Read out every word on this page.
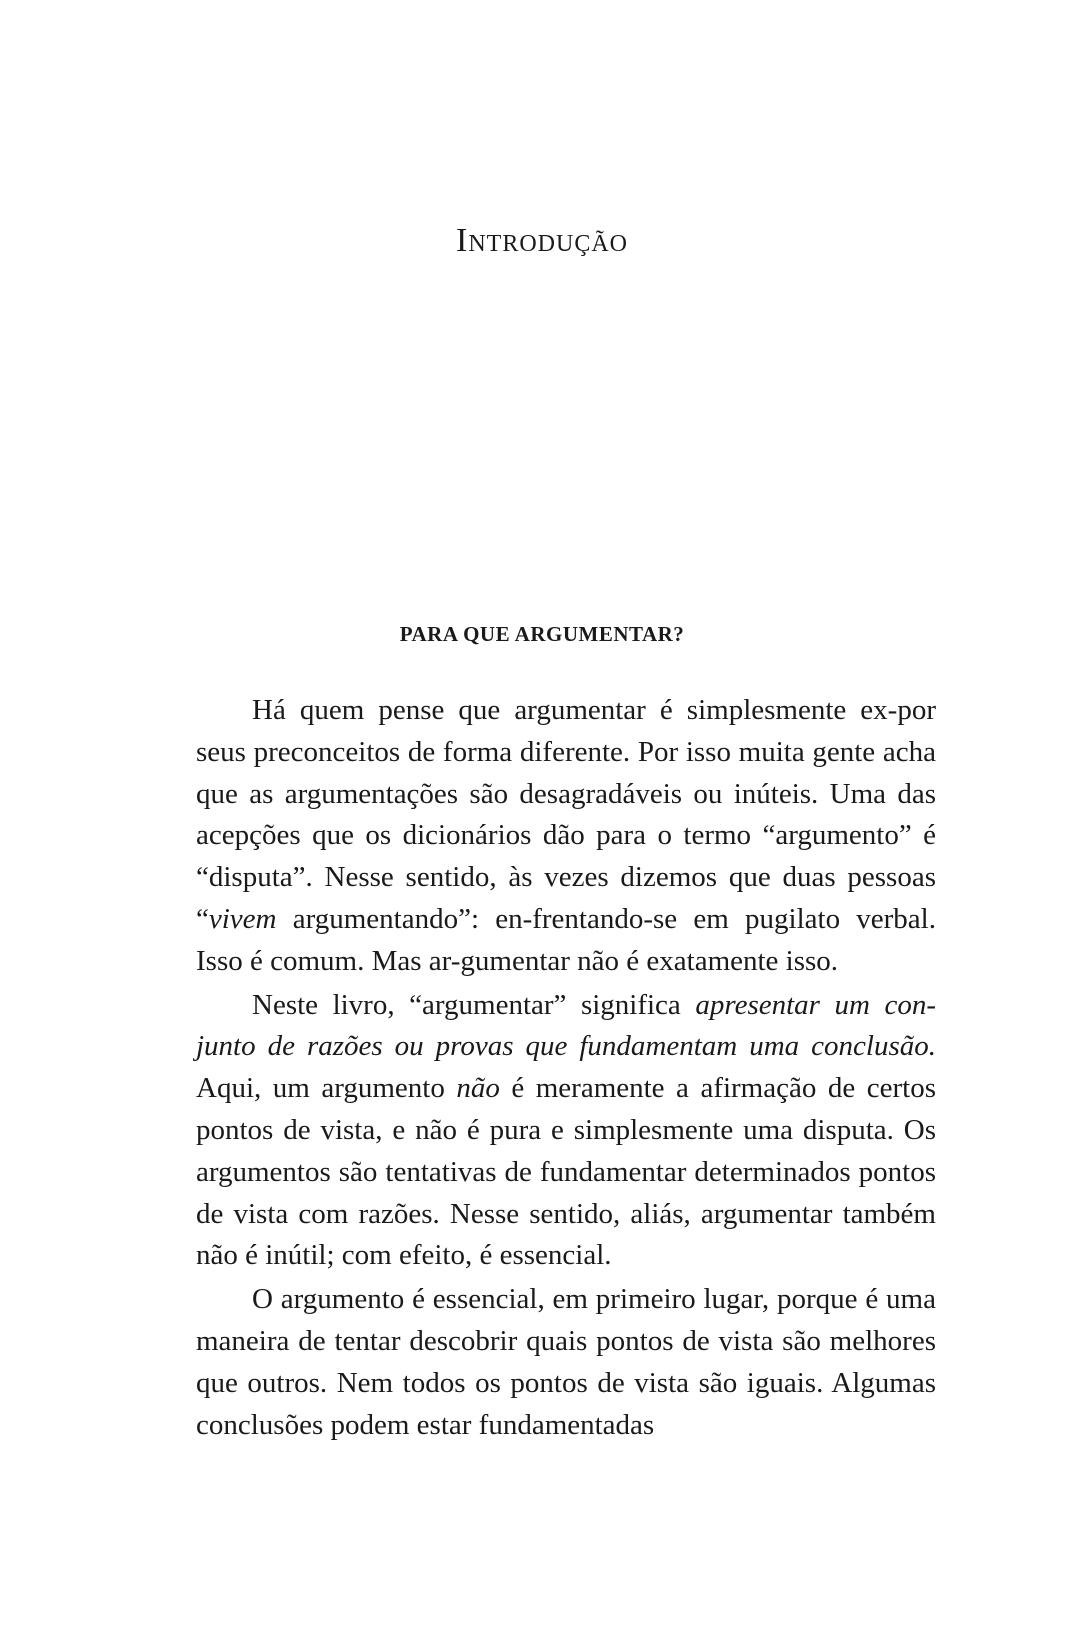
Introdução
PARA QUE ARGUMENTAR?

Há quem pense que argumentar é simplesmente ex-por seus preconceitos de forma diferente. Por isso muita gente acha que as argumentações são desagradáveis ou inúteis. Uma das acepções que os dicionários dão para o termo “argumento” é “disputa”. Nesse sentido, às vezes dizemos que duas pessoas “vivem argumentando”: en-frentando-se em pugilato verbal. Isso é comum. Mas ar-gumentar não é exatamente isso.

Neste livro, “argumentar” significa apresentar um con-junto de razões ou provas que fundamentam uma conclusão. Aqui, um argumento não é meramente a afirmação de certos pontos de vista, e não é pura e simplesmente uma disputa. Os argumentos são tentativas de fundamentar determinados pontos de vista com razões. Nesse sentido, aliás, argumentar também não é inútil; com efeito, é essencial.

O argumento é essencial, em primeiro lugar, porque é uma maneira de tentar descobrir quais pontos de vista são melhores que outros. Nem todos os pontos de vista são iguais. Algumas conclusões podem estar fundamentadas
